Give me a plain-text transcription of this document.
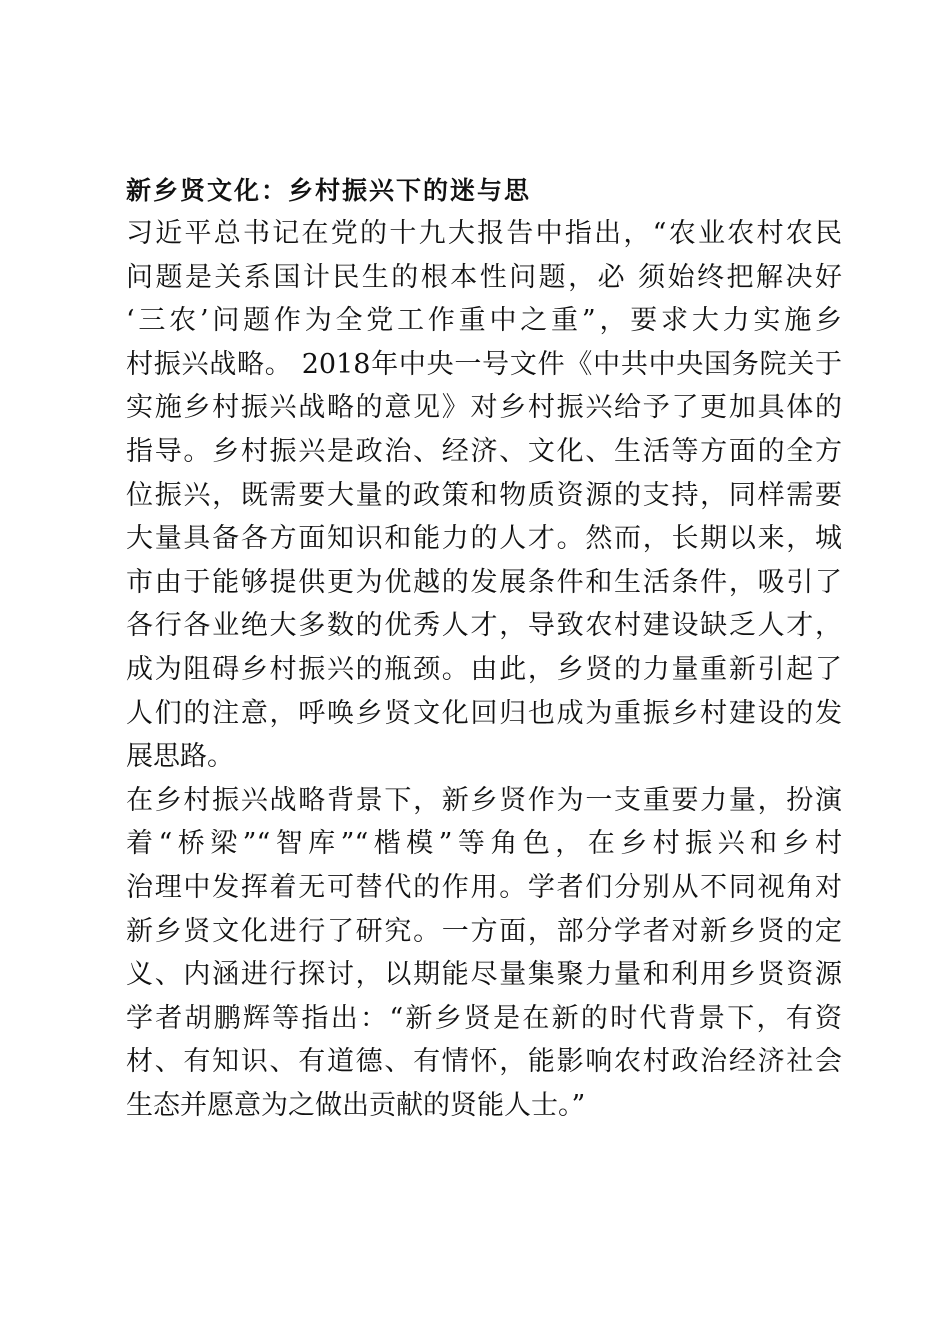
新乡贤文化：乡村振兴下的迷与思

习近平总书记在党的十九大报告中指出，“农业农村农民
问题是关系国计民生的根本性问题，必 须始终把解决好
‘三农’问题作为全党工作重中之重”，要求大力实施乡
村振兴战略。 2018年中央一号文件《中共中央国务院关于
实施乡村振兴战略的意见》对乡村振兴给予了更加具体的
指导。乡村振兴是政治、经济、文化、生活等方面的全方
位振兴，既需要大量的政策和物质资源的支持，同样需要
大量具备各方面知识和能力的人才。然而，长期以来，城
市由于能够提供更为优越的发展条件和生活条件，吸引了
各行各业绝大多数的优秀人才，导致农村建设缺乏人才，
成为阻碍乡村振兴的瓶颈。由此，乡贤的力量重新引起了
人们的注意，呼唤乡贤文化回归也成为重振乡村建设的发
展思路。

在乡村振兴战略背景下，新乡贤作为一支重要力量，扮演
着“桥梁”“智库”“楷模”等角色，在乡村振兴和乡村
治理中发挥着无可替代的作用。学者们分别从不同视角对
新乡贤文化进行了研究。一方面，部分学者对新乡贤的定
义、内涵进行探讨，以期能尽量集聚力量和利用乡贤资源
学者胡鹏辉等指出：“新乡贤是在新的时代背景下，有资
材、有知识、有道德、有情怀，能影响农村政治经济社会
生态并愿意为之做出贡献的贤能人士。”
